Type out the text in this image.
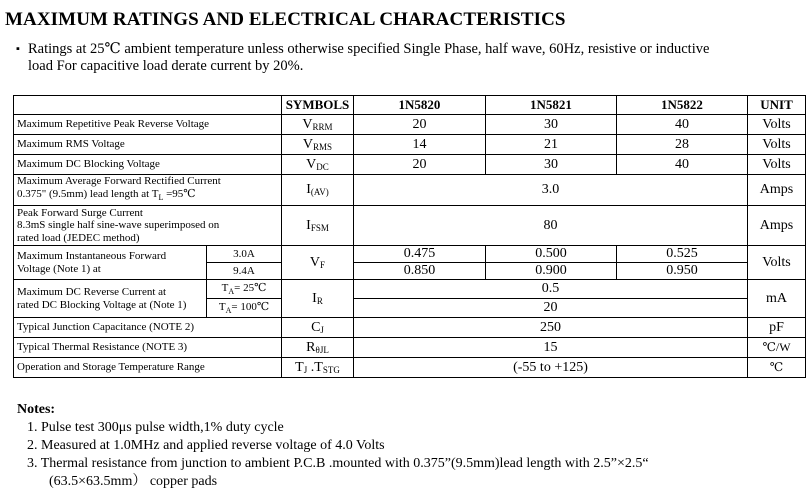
MAXIMUM RATINGS AND ELECTRICAL CHARACTERISTICS
▪ Ratings at 25℃ ambient temperature unless otherwise specified Single Phase, half wave, 60Hz, resistive or inductive load For capacitive load derate current by 20%.
		SYMBOLS	1N5820	1N5821	1N5822	UNIT
Maximum Repetitive Peak Reverse Voltage		$V_{RRM}$	20	30	40	Volts
Maximum RMS Voltage		$V_{RMS}$	14	21	28	Volts
Maximum DC Blocking Voltage		$V_{DC}$	20	30	40	Volts

Maximum Average Forward Rectified Current
0.375" (9.5mm) lead length at $T_L$ =95℃		$I_{(AV)}$	3.0			Amps

Peak Forward Surge Current
8.3mS single half sine-wave superimposed on
rated load (JEDEC method)		$I_{FSM}$	80			Amps

Maximum Instantaneous Forward
Voltage (Note 1) at	3.0A	$V_F$	0.475	0.500	0.525	Volts
	9.4A		0.850	0.900	0.950	

Maximum DC Reverse Current at
rated DC Blocking Voltage at (Note 1)	$T_A=$ 25℃	$I_R$	0.5			mA
	$T_A=$ 100℃		20			
Typical Junction Capacitance (NOTE 2)		$C_J$	250			pF
Typical Thermal Resistance (NOTE 3)		$R_{\theta JL}$	15			℃/W
Operation and Storage Temperature Range		$T_J$ $.T_{STG}$	(-55 to +125)			℃
Notes:
1. Pulse test 300μs pulse width,1% duty cycle
2. Measured at 1.0MHz and applied reverse voltage of 4.0 Volts
3. Thermal resistance from junction to ambient P.C.B .mounted with 0.375”(9.5mm)lead length with 2.5”×2.5“
(63.5×63.5mm） copper pads
